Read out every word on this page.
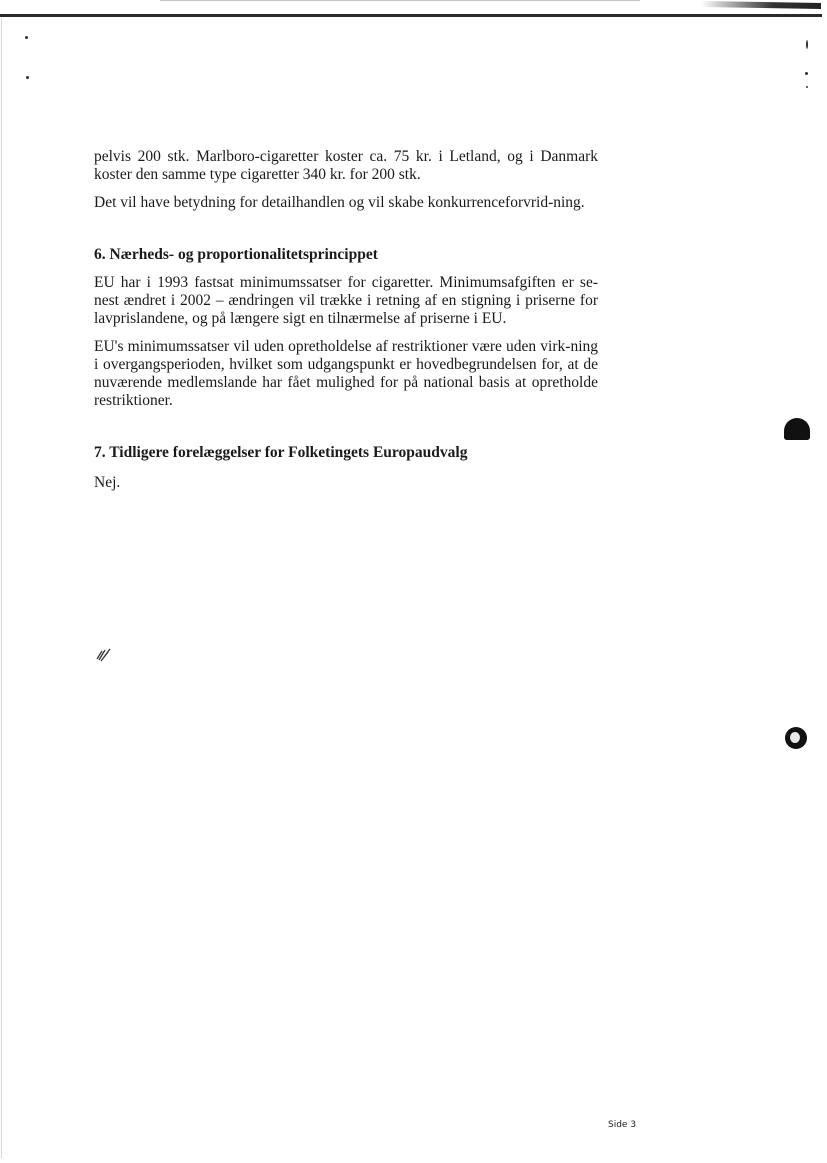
pelvis 200 stk. Marlboro-cigaretter koster ca. 75 kr. i Letland, og i Danmark koster den samme type cigaretter 340 kr. for 200 stk.

Det vil have betydning for detailhandlen og vil skabe konkurrenceforvrid-ning.

6. Nærheds- og proportionalitetsprincippet

EU har i 1993 fastsat minimumssatser for cigaretter. Minimumsafgiften er se-nest ændret i 2002 – ændringen vil trække i retning af en stigning i priserne for lavprislandene, og på længere sigt en tilnærmelse af priserne i EU.

EU's minimumssatser vil uden opretholdelse af restriktioner være uden virk-ning i overgangsperioden, hvilket som udgangspunkt er hovedbegrundelsen for, at de nuværende medlemslande har fået mulighed for på national basis at opretholde restriktioner.

7. Tidligere forelæggelser for Folketingets Europaudvalg

Nej.

Side 3
